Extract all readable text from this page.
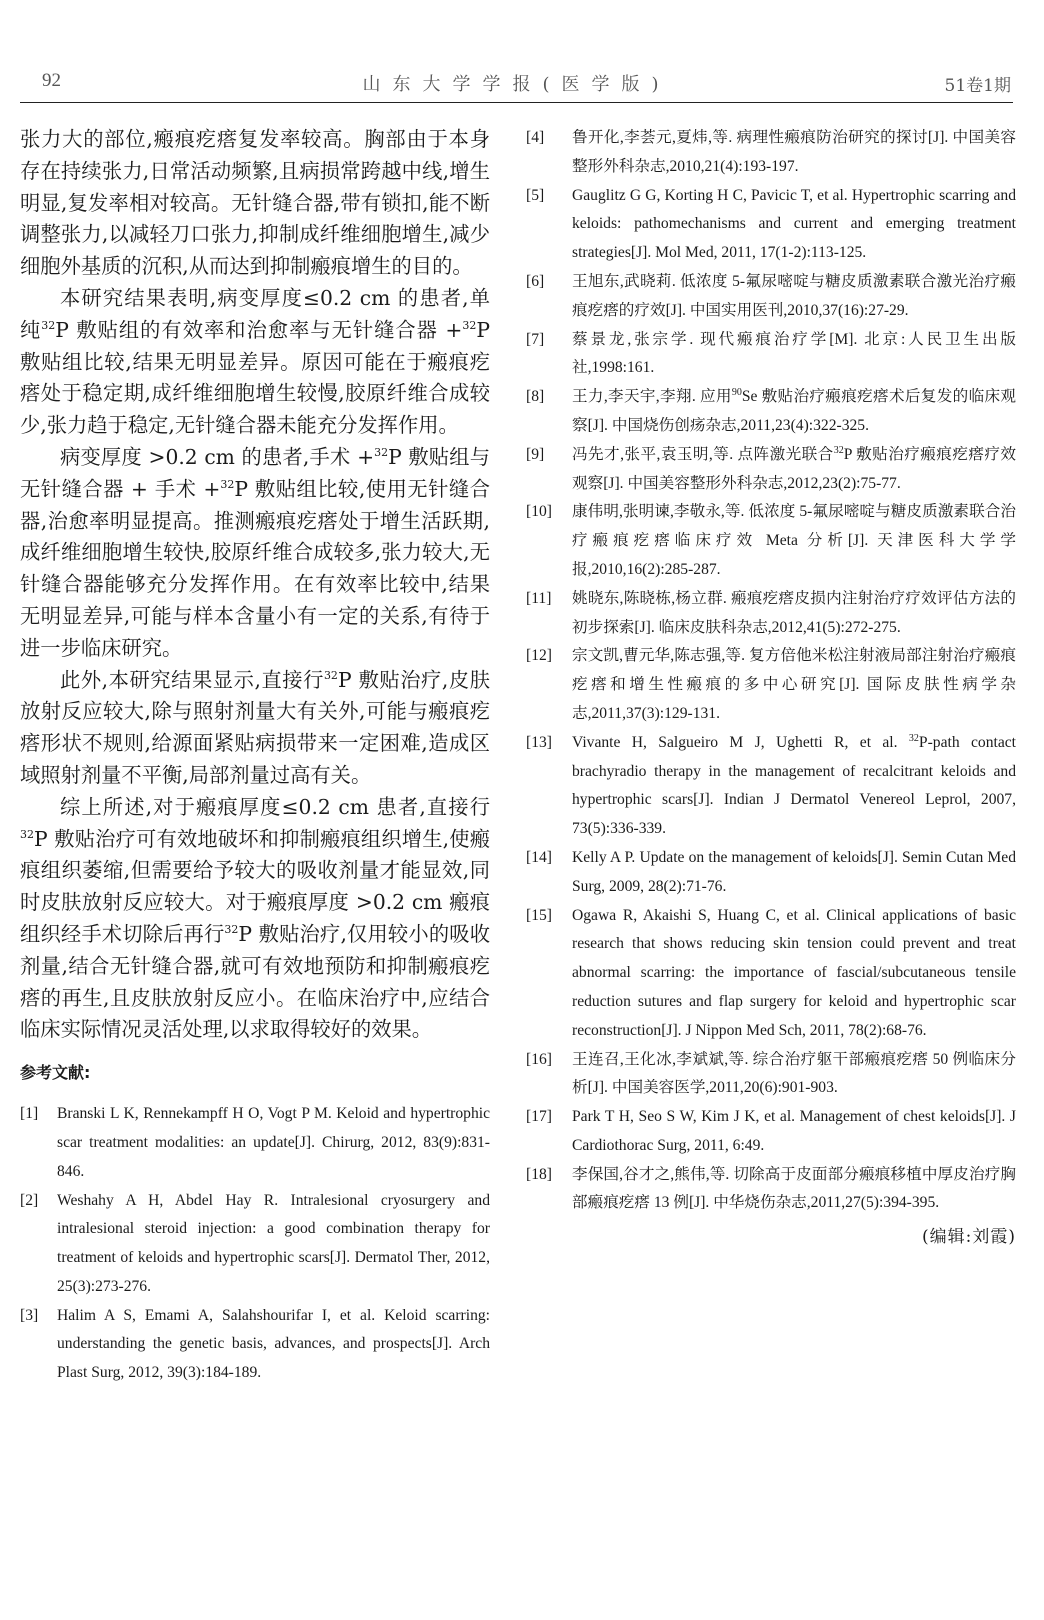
92	山东大学学报(医学版)	51卷1期

张力大的部位,瘢痕疙瘩复发率较高。胸部由于本身存在持续张力,日常活动频繁,且病损常跨越中线,增生明显,复发率相对较高。无针缝合器,带有锁扣,能不断调整张力,以减轻刀口张力,抑制成纤维细胞增生,减少细胞外基质的沉积,从而达到抑制瘢痕增生的目的。

本研究结果表明,病变厚度≤0.2 cm 的患者,单纯$^{32}$P 敷贴组的有效率和治愈率与无针缝合器 +$^{32}$P 敷贴组比较,结果无明显差异。原因可能在于瘢痕疙瘩处于稳定期,成纤维细胞增生较慢,胶原纤维合成较少,张力趋于稳定,无针缝合器未能充分发挥作用。

病变厚度 >0.2 cm 的患者,手术 +$^{32}$P 敷贴组与无针缝合器 + 手术 +$^{32}$P 敷贴组比较,使用无针缝合器,治愈率明显提高。推测瘢痕疙瘩处于增生活跃期,成纤维细胞增生较快,胶原纤维合成较多,张力较大,无针缝合器能够充分发挥作用。在有效率比较中,结果无明显差异,可能与样本含量小有一定的关系,有待于进一步临床研究。

此外,本研究结果显示,直接行$^{32}$P 敷贴治疗,皮肤放射反应较大,除与照射剂量大有关外,可能与瘢痕疙瘩形状不规则,给源面紧贴病损带来一定困难,造成区域照射剂量不平衡,局部剂量过高有关。

综上所述,对于瘢痕厚度≤0.2 cm 患者,直接行$^{32}$P 敷贴治疗可有效地破坏和抑制瘢痕组织增生,使瘢痕组织萎缩,但需要给予较大的吸收剂量才能显效,同时皮肤放射反应较大。对于瘢痕厚度 >0.2 cm 瘢痕组织经手术切除后再行$^{32}$P 敷贴治疗,仅用较小的吸收剂量,结合无针缝合器,就可有效地预防和抑制瘢痕疙瘩的再生,且皮肤放射反应小。在临床治疗中,应结合临床实际情况灵活处理,以求取得较好的效果。

参考文献:
[1] Branski L K, Rennekampff H O, Vogt P M. Keloid and hypertrophic scar treatment modalities: an update[J]. Chirurg, 2012, 83(9):831-846.
[2] Weshahy A H, Abdel Hay R. Intralesional cryosurgery and intralesional steroid injection: a good combination therapy for treatment of keloids and hypertrophic scars[J]. Dermatol Ther, 2012, 25(3):273-276.
[3] Halim A S, Emami A, Salahshourifar I, et al. Keloid scarring: understanding the genetic basis, advances, and prospects[J]. Arch Plast Surg, 2012, 39(3):184-189.
[4] 鲁开化,李荟元,夏炜,等. 病理性瘢痕防治研究的探讨[J]. 中国美容整形外科杂志,2010,21(4):193-197.
[5] Gauglitz G G, Korting H C, Pavicic T, et al. Hypertrophic scarring and keloids: pathomechanisms and current and emerging treatment strategies[J]. Mol Med, 2011, 17(1-2):113-125.
[6] 王旭东,武晓莉. 低浓度 5-氟尿嘧啶与糖皮质激素联合激光治疗瘢痕疙瘩的疗效[J]. 中国实用医刊,2010,37(16):27-29.
[7] 蔡景龙,张宗学. 现代瘢痕治疗学[M]. 北京:人民卫生出版社,1998:161.
[8] 王力,李天宇,李翔. 应用$^{90}$Se 敷贴治疗瘢痕疙瘩术后复发的临床观察[J]. 中国烧伤创疡杂志,2011,23(4):322-325.
[9] 冯先才,张平,袁玉明,等. 点阵激光联合$^{32}$P 敷贴治疗瘢痕疙瘩疗效观察[J]. 中国美容整形外科杂志,2012,23(2):75-77.
[10] 康伟明,张明谏,李敬永,等. 低浓度 5-氟尿嘧啶与糖皮质激素联合治疗瘢痕疙瘩临床疗效 Meta 分析[J]. 天津医科大学学报,2010,16(2):285-287.
[11] 姚晓东,陈晓栋,杨立群. 瘢痕疙瘩皮损内注射治疗疗效评估方法的初步探索[J]. 临床皮肤科杂志,2012,41(5):272-275.
[12] 宗文凯,曹元华,陈志强,等. 复方倍他米松注射液局部注射治疗瘢痕疙瘩和增生性瘢痕的多中心研究[J]. 国际皮肤性病学杂志,2011,37(3):129-131.
[13] Vivante H, Salgueiro M J, Ughetti R, et al. $^{32}$P-path contact brachyradio therapy in the management of recalcitrant keloids and hypertrophic scars[J]. Indian J Dermatol Venereol Leprol, 2007, 73(5):336-339.
[14] Kelly A P. Update on the management of keloids[J]. Semin Cutan Med Surg, 2009, 28(2):71-76.
[15] Ogawa R, Akaishi S, Huang C, et al. Clinical applications of basic research that shows reducing skin tension could prevent and treat abnormal scarring: the importance of fascial/subcutaneous tensile reduction sutures and flap surgery for keloid and hypertrophic scar reconstruction[J]. J Nippon Med Sch, 2011, 78(2):68-76.
[16] 王连召,王化冰,李斌斌,等. 综合治疗躯干部瘢痕疙瘩 50 例临床分析[J]. 中国美容医学,2011,20(6):901-903.
[17] Park T H, Seo S W, Kim J K, et al. Management of chest keloids[J]. J Cardiothorac Surg, 2011, 6:49.
[18] 李保国,谷才之,熊伟,等. 切除高于皮面部分瘢痕移植中厚皮治疗胸部瘢痕疙瘩 13 例[J]. 中华烧伤杂志,2011,27(5):394-395.
(编辑:刘霞)
